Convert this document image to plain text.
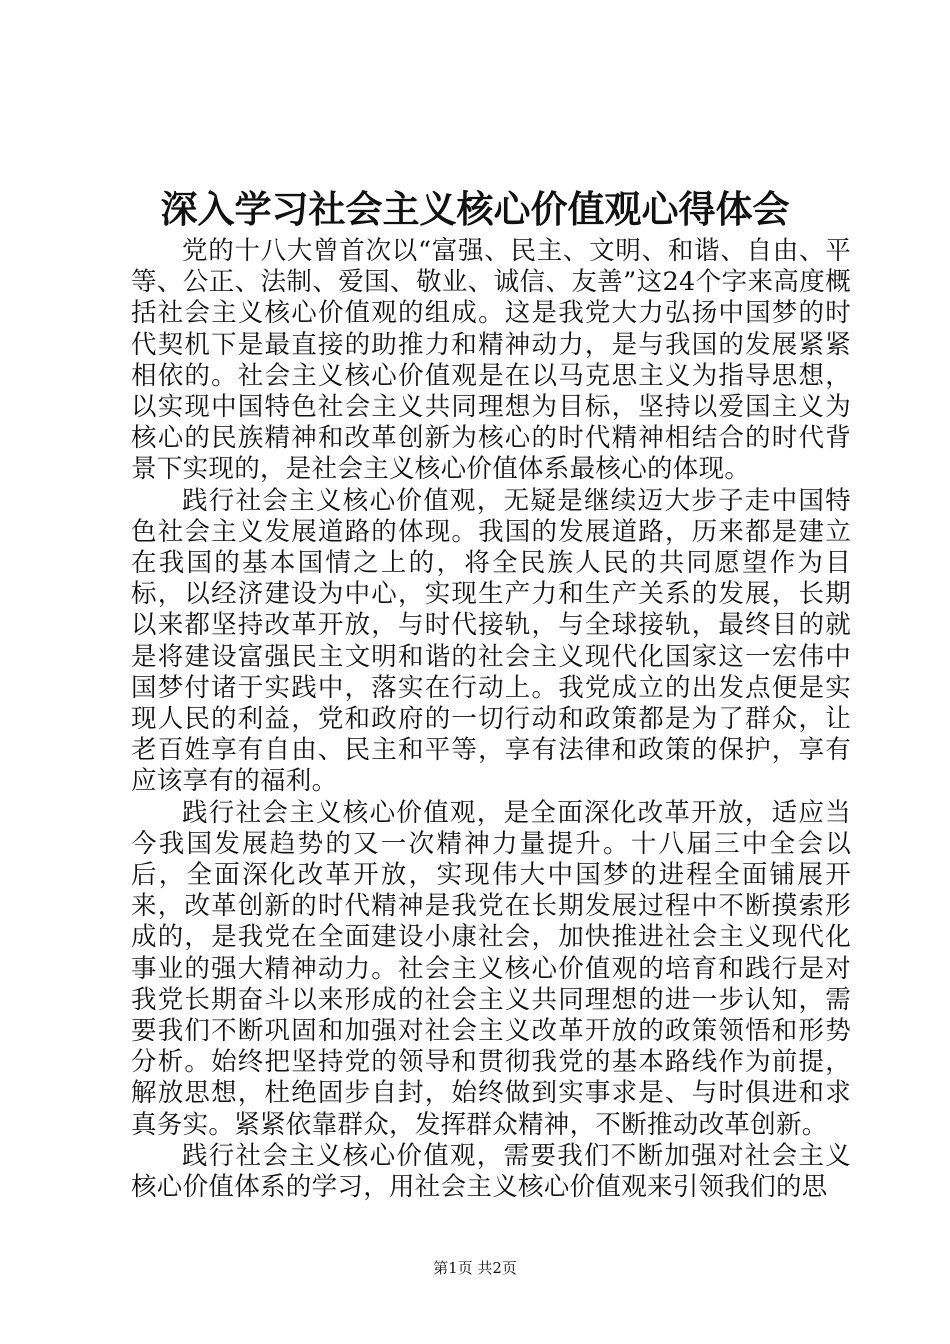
深入学习社会主义核心价值观心得体会

党的十八大曾首次以“富强、民主、文明、和谐、自由、平等、公正、法制、爱国、敬业、诚信、友善”这24个字来高度概括社会主义核心价值观的组成。这是我党大力弘扬中国梦的时代契机下是最直接的助推力和精神动力，是与我国的发展紧紧相依的。社会主义核心价值观是在以马克思主义为指导思想，以实现中国特色社会主义共同理想为目标，坚持以爱国主义为核心的民族精神和改革创新为核心的时代精神相结合的时代背景下实现的，是社会主义核心价值体系最核心的体现。

践行社会主义核心价值观，无疑是继续迈大步子走中国特色社会主义发展道路的体现。我国的发展道路，历来都是建立在我国的基本国情之上的，将全民族人民的共同愿望作为目标，以经济建设为中心，实现生产力和生产关系的发展，长期以来都坚持改革开放，与时代接轨，与全球接轨，最终目的就是将建设富强民主文明和谐的社会主义现代化国家这一宏伟中国梦付诸于实践中，落实在行动上。我党成立的出发点便是实现人民的利益，党和政府的一切行动和政策都是为了群众，让老百姓享有自由、民主和平等，享有法律和政策的保护，享有应该享有的福利。

践行社会主义核心价值观，是全面深化改革开放，适应当今我国发展趋势的又一次精神力量提升。十八届三中全会以后，全面深化改革开放，实现伟大中国梦的进程全面铺展开来，改革创新的时代精神是我党在长期发展过程中不断摸索形成的，是我党在全面建设小康社会，加快推进社会主义现代化事业的强大精神动力。社会主义核心价值观的培育和践行是对我党长期奋斗以来形成的社会主义共同理想的进一步认知，需要我们不断巩固和加强对社会主义改革开放的政策领悟和形势分析。始终把坚持党的领导和贯彻我党的基本路线作为前提，解放思想，杜绝固步自封，始终做到实事求是、与时俱进和求真务实。紧紧依靠群众，发挥群众精神，不断推动改革创新。

践行社会主义核心价值观，需要我们不断加强对社会主义核心价值体系的学习，用社会主义核心价值观来引领我们的思

第1页 共2页
